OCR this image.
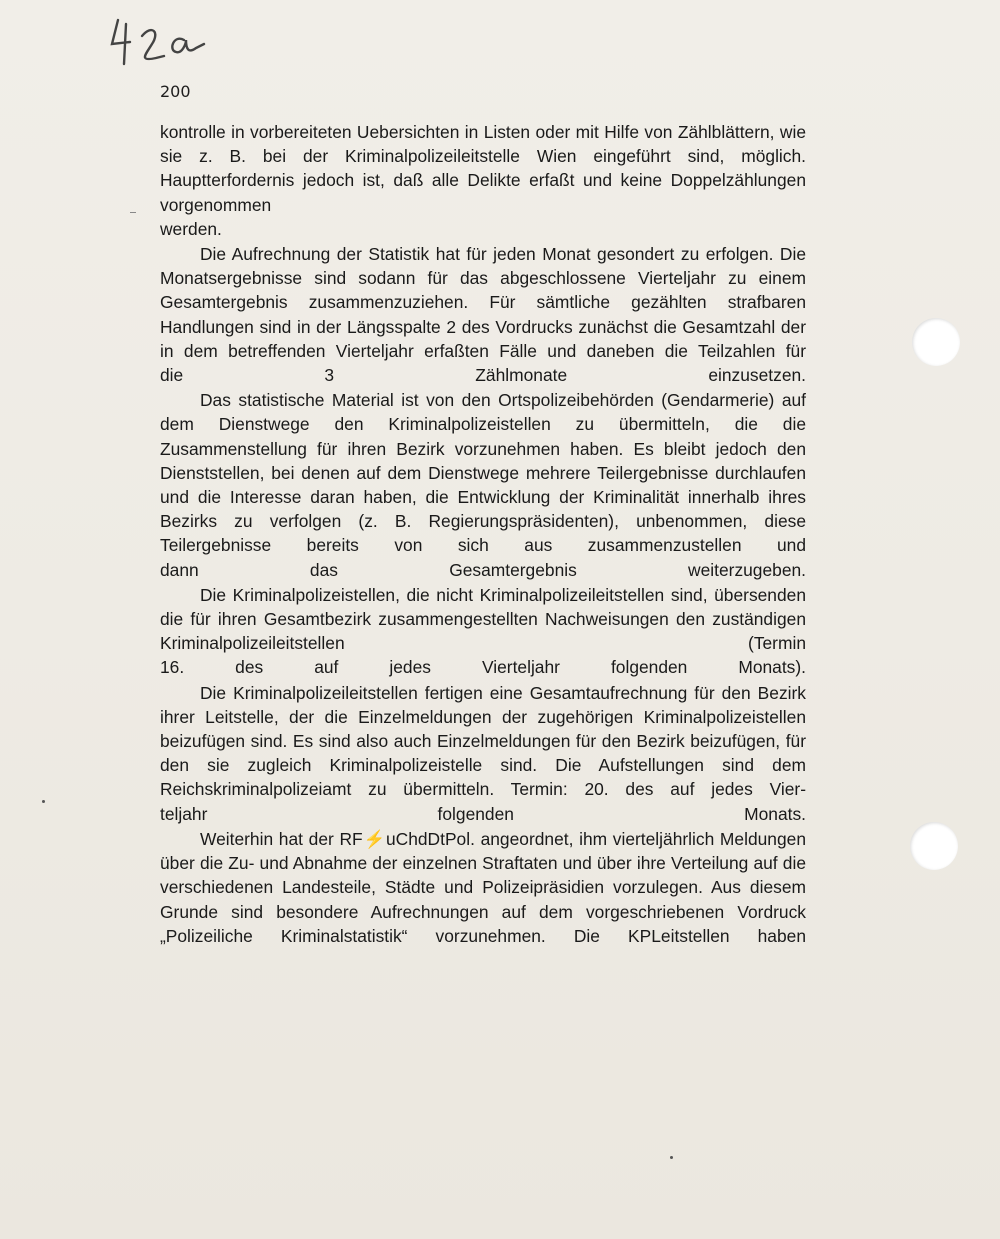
200

kontrolle in vorbereiteten Uebersichten in Listen oder mit Hilfe von Zählblättern, wie sie z. B. bei der Kriminalpolizeileitstelle Wien eingeführt sind, möglich. Hauptterfordernis jedoch ist, daß alle Delikte erfaßt und keine Doppelzählungen vorgenommen
werden.

Die Aufrechnung der Statistik hat für jeden Monat gesondert zu erfolgen. Die Monatsergebnisse sind sodann für das abgeschlossene Vierteljahr zu einem Gesamtergebnis zusammenzuziehen. Für sämtliche gezählten strafbaren Handlungen sind in der Längsspalte 2 des Vordrucks zunächst die Gesamtzahl der in dem betreffenden Vierteljahr erfaßten Fälle und daneben die Teilzahlen für
die 3 Zählmonate einzusetzen.

Das statistische Material ist von den Ortspolizeibehörden (Gendarmerie) auf dem Dienstwege den Kriminalpolizeistellen zu übermitteln, die die Zusammenstellung für ihren Bezirk vorzunehmen haben. Es bleibt jedoch den Dienststellen, bei denen auf dem Dienstwege mehrere Teilergebnisse durchlaufen und die Interesse daran haben, die Entwicklung der Kriminalität innerhalb ihres Bezirks zu verfolgen (z. B. Regierungspräsidenten), unbenommen, diese Teilergebnisse bereits von sich aus zusammenzustellen und
dann das Gesamtergebnis weiterzugeben.

Die Kriminalpolizeistellen, die nicht Kriminalpolizeileitstellen sind, übersenden die für ihren Gesamtbezirk zusammengestellten Nachweisungen den zuständigen Kriminalpolizeileitstellen (Termin
16. des auf jedes Vierteljahr folgenden Monats).

Die Kriminalpolizeileitstellen fertigen eine Gesamtaufrechnung für den Bezirk ihrer Leitstelle, der die Einzelmeldungen der zugehörigen Kriminalpolizeistellen beizufügen sind. Es sind also auch Einzelmeldungen für den Bezirk beizufügen, für den sie zugleich Kriminalpolizeistelle sind. Die Aufstellungen sind dem Reichskriminalpolizeiamt zu übermitteln. Termin: 20. des auf jedes Vier-
teljahr folgenden Monats.

Weiterhin hat der RF⚡uChdDtPol. angeordnet, ihm vierteljährlich Meldungen über die Zu- und Abnahme der einzelnen Straftaten und über ihre Verteilung auf die verschiedenen Landesteile, Städte und Polizeipräsidien vorzulegen. Aus diesem Grunde sind besondere Aufrechnungen auf dem vorgeschriebenen Vordruck „Polizeiliche Kriminalstatistik“ vorzunehmen. Die KPLeitstellen haben
